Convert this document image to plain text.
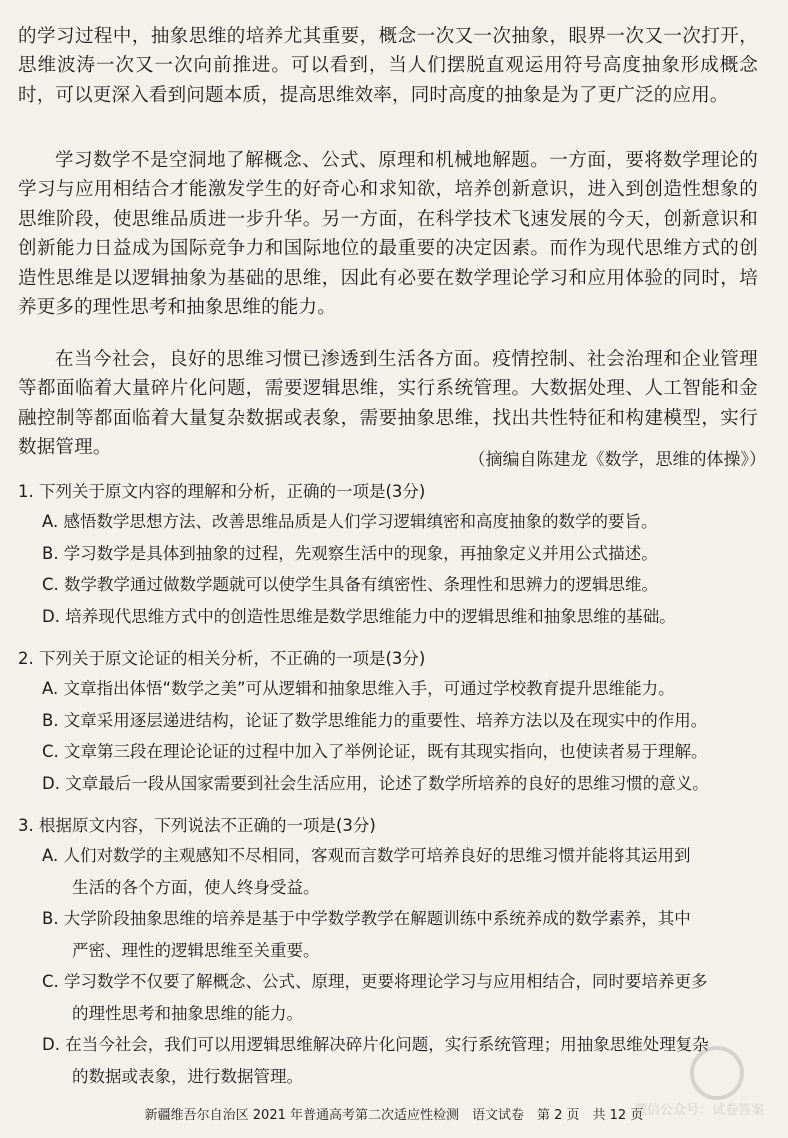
的学习过程中，抽象思维的培养尤其重要，概念一次又一次抽象，眼界一次又一次打开，思维波涛一次又一次向前推进。可以看到，当人们摆脱直观运用符号高度抽象形成概念时，可以更深入看到问题本质，提高思维效率，同时高度的抽象是为了更广泛的应用。
学习数学不是空洞地了解概念、公式、原理和机械地解题。一方面，要将数学理论的学习与应用相结合才能激发学生的好奇心和求知欲，培养创新意识，进入到创造性想象的思维阶段，使思维品质进一步升华。另一方面，在科学技术飞速发展的今天，创新意识和创新能力日益成为国际竞争力和国际地位的最重要的决定因素。而作为现代思维方式的创造性思维是以逻辑抽象为基础的思维，因此有必要在数学理论学习和应用体验的同时，培养更多的理性思考和抽象思维的能力。
在当今社会，良好的思维习惯已渗透到生活各方面。疫情控制、社会治理和企业管理等都面临着大量碎片化问题，需要逻辑思维，实行系统管理。大数据处理、人工智能和金融控制等都面临着大量复杂数据或表象，需要抽象思维，找出共性特征和构建模型，实行数据管理。
（摘编自陈建龙《数学，思维的体操》）
1. 下列关于原文内容的理解和分析，正确的一项是(3分)
A. 感悟数学思想方法、改善思维品质是人们学习逻辑缜密和高度抽象的数学的要旨。
B. 学习数学是具体到抽象的过程，先观察生活中的现象，再抽象定义并用公式描述。
C. 数学教学通过做数学题就可以使学生具备有缜密性、条理性和思辨力的逻辑思维。
D. 培养现代思维方式中的创造性思维是数学思维能力中的逻辑思维和抽象思维的基础。
2. 下列关于原文论证的相关分析，不正确的一项是(3分)
A. 文章指出体悟“数学之美”可从逻辑和抽象思维入手，可通过学校教育提升思维能力。
B. 文章采用逐层递进结构，论证了数学思维能力的重要性、培养方法以及在现实中的作用。
C. 文章第三段在理论论证的过程中加入了举例论证，既有其现实指向，也使读者易于理解。
D. 文章最后一段从国家需要到社会生活应用，论述了数学所培养的良好的思维习惯的意义。
3. 根据原文内容，下列说法不正确的一项是(3分)
A. 人们对数学的主观感知不尽相同，客观而言数学可培养良好的思维习惯并能将其运用到
生活的各个方面，使人终身受益。
B. 大学阶段抽象思维的培养是基于中学数学教学在解题训练中系统养成的数学素养，其中
严密、理性的逻辑思维至关重要。
C. 学习数学不仅要了解概念、公式、原理，更要将理论学习与应用相结合，同时要培养更多
的理性思考和抽象思维的能力。
D. 在当今社会，我们可以用逻辑思维解决碎片化问题，实行系统管理；用抽象思维处理复杂
的数据或表象，进行数据管理。
微信公众号：试卷答案
新疆维吾尔自治区 2021 年普通高考第二次适应性检测　语文试卷　第 2 页　共 12 页
